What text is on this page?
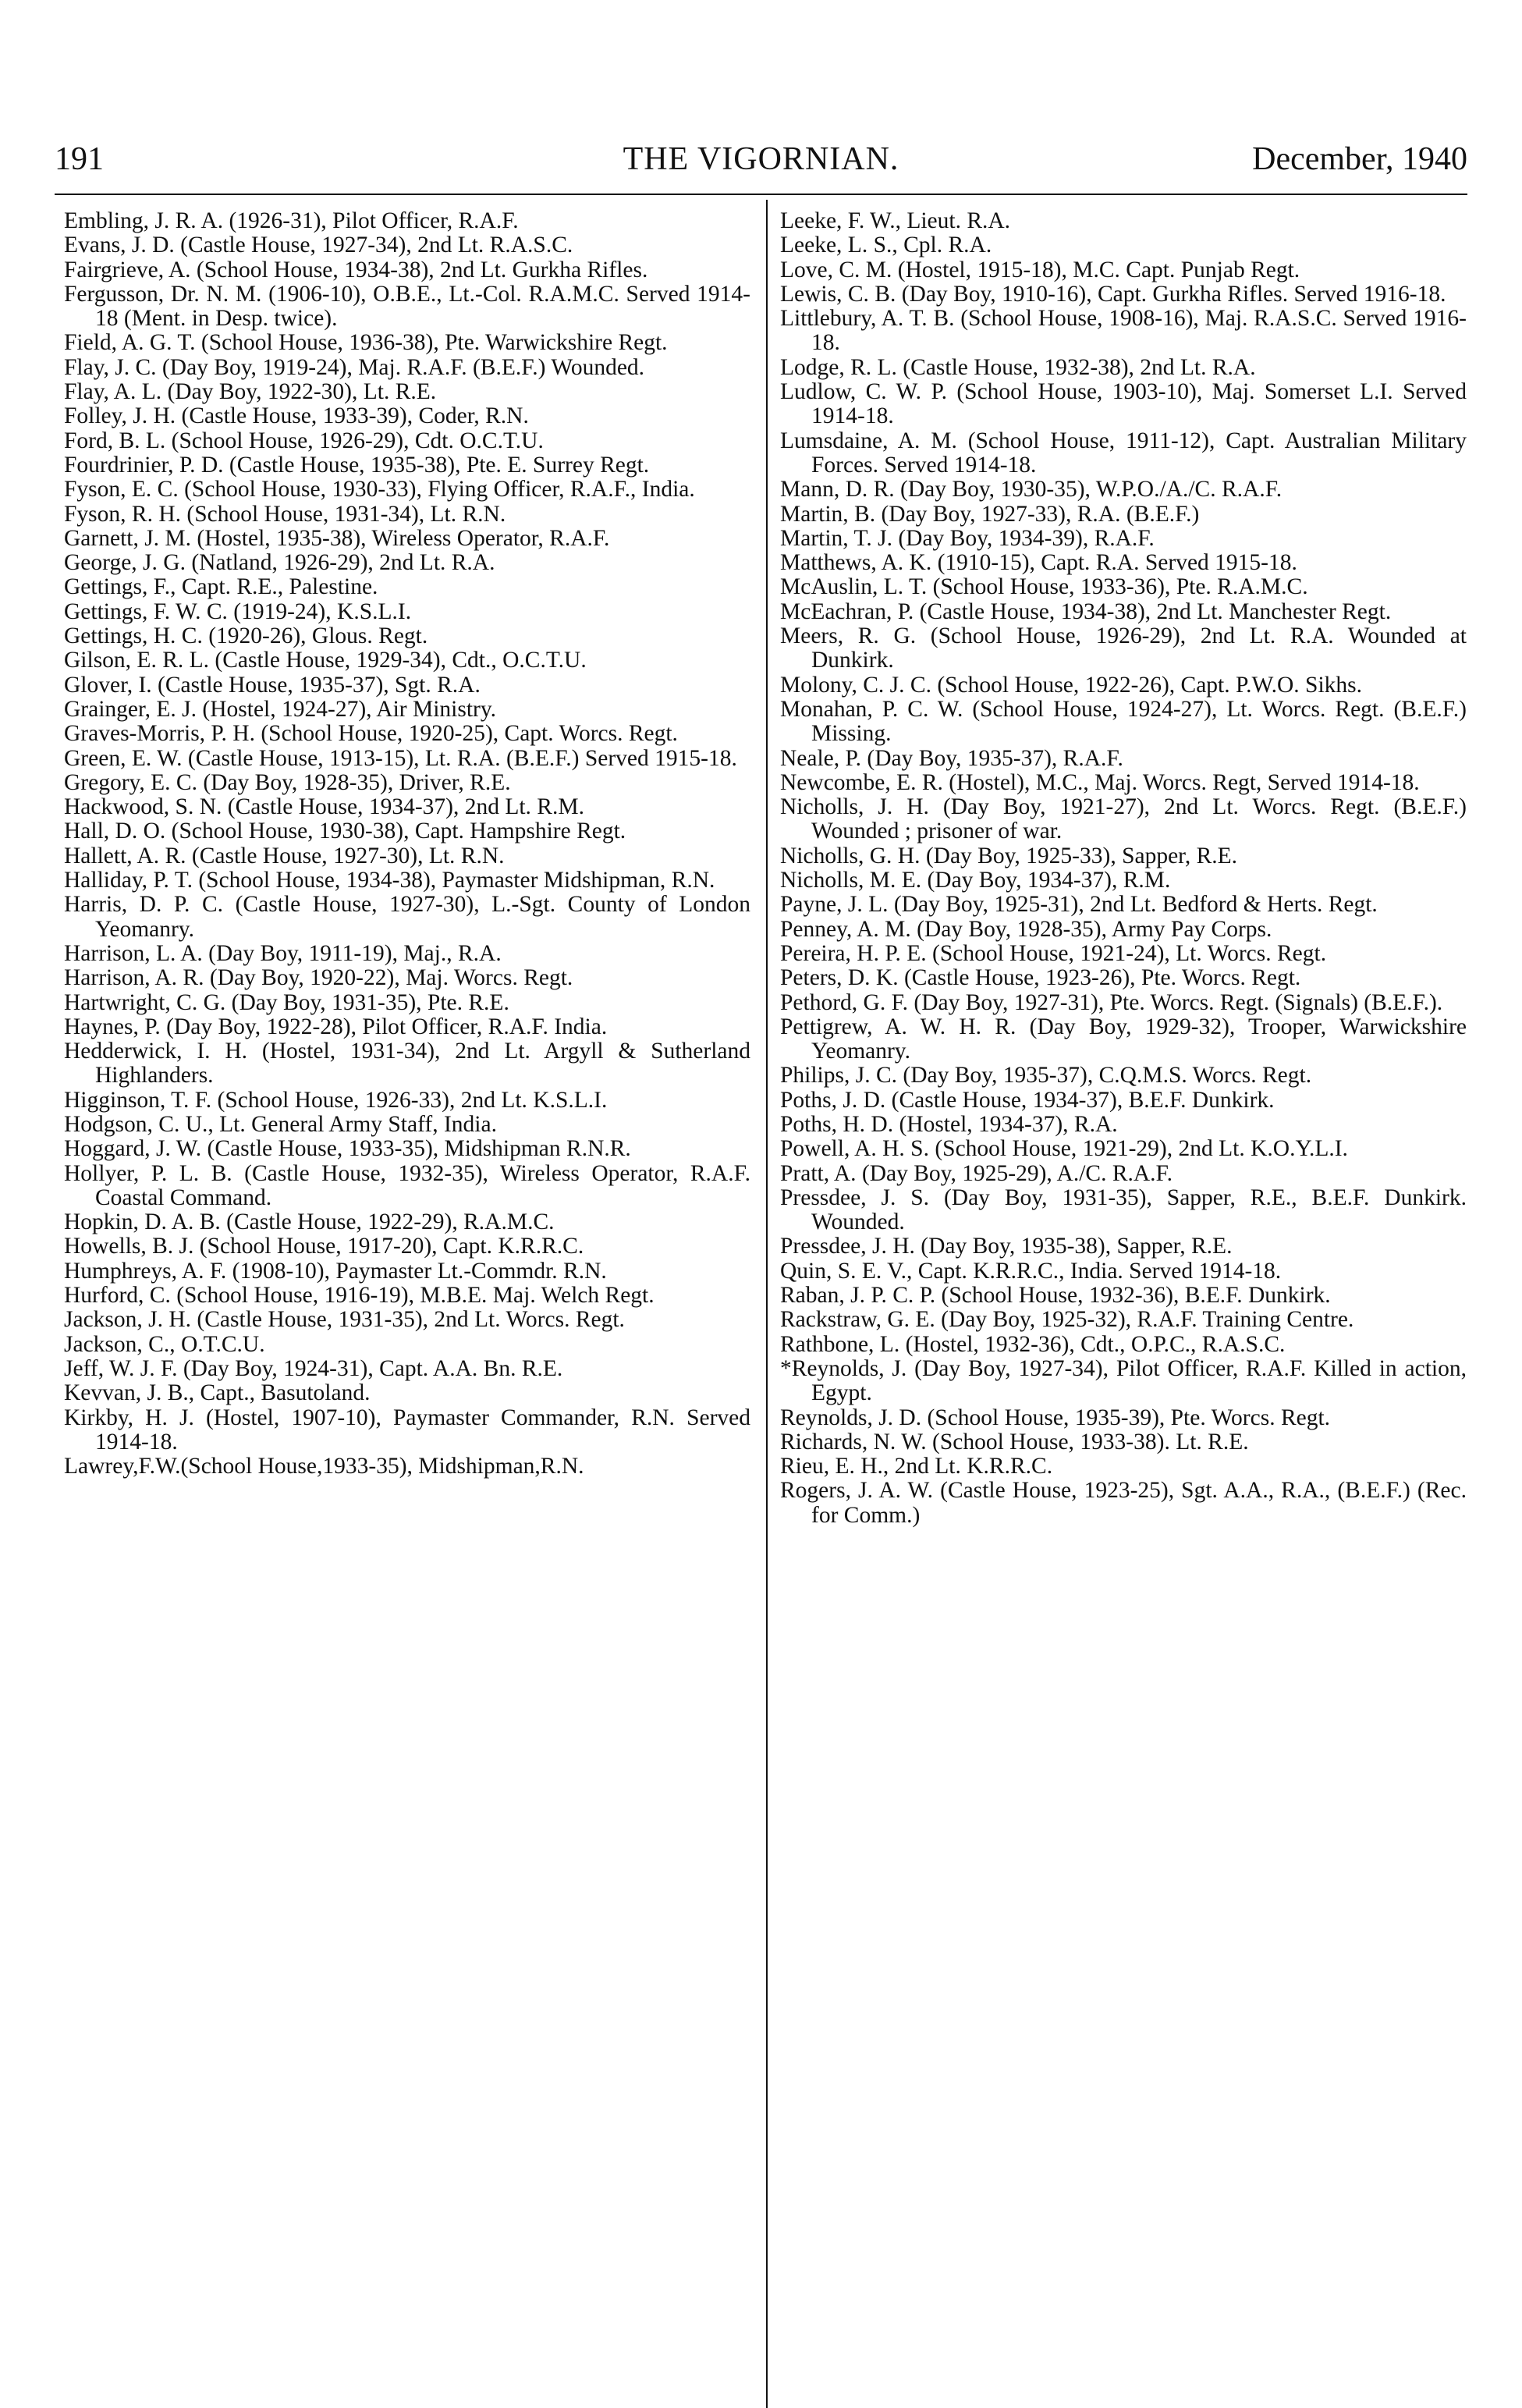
191	THE VIGORNIAN.	December, 1940

Embling, J. R. A. (1926-31), Pilot Officer, R.A.F.

Evans, J. D. (Castle House, 1927-34), 2nd Lt. R.A.S.C.

Fairgrieve, A. (School House, 1934-38), 2nd Lt. Gurkha Rifles.

Fergusson, Dr. N. M. (1906-10), O.B.E., Lt.-Col. R.A.M.C. Served 1914-18 (Ment. in Desp. twice).

Field, A. G. T. (School House, 1936-38), Pte. Warwickshire Regt.

Flay, J. C. (Day Boy, 1919-24), Maj. R.A.F. (B.E.F.) Wounded.

Flay, A. L. (Day Boy, 1922-30), Lt. R.E.

Folley, J. H. (Castle House, 1933-39), Coder, R.N.

Ford, B. L. (School House, 1926-29), Cdt. O.C.T.U.

Fourdrinier, P. D. (Castle House, 1935-38), Pte. E. Surrey Regt.

Fyson, E. C. (School House, 1930-33), Flying Officer, R.A.F., India.

Fyson, R. H. (School House, 1931-34), Lt. R.N.

Garnett, J. M. (Hostel, 1935-38), Wireless Operator, R.A.F.

George, J. G. (Natland, 1926-29), 2nd Lt. R.A.

Gettings, F., Capt. R.E., Palestine.

Gettings, F. W. C. (1919-24), K.S.L.I.

Gettings, H. C. (1920-26), Glous. Regt.

Gilson, E. R. L. (Castle House, 1929-34), Cdt., O.C.T.U.

Glover, I. (Castle House, 1935-37), Sgt. R.A.

Grainger, E. J. (Hostel, 1924-27), Air Ministry.

Graves-Morris, P. H. (School House, 1920-25), Capt. Worcs. Regt.

Green, E. W. (Castle House, 1913-15), Lt. R.A. (B.E.F.) Served 1915-18.

Gregory, E. C. (Day Boy, 1928-35), Driver, R.E.

Hackwood, S. N. (Castle House, 1934-37), 2nd Lt. R.M.

Hall, D. O. (School House, 1930-38), Capt. Hampshire Regt.

Hallett, A. R. (Castle House, 1927-30), Lt. R.N.

Halliday, P. T. (School House, 1934-38), Paymaster Midshipman, R.N.

Harris, D. P. C. (Castle House, 1927-30), L.-Sgt. County of London Yeomanry.

Harrison, L. A. (Day Boy, 1911-19), Maj., R.A.

Harrison, A. R. (Day Boy, 1920-22), Maj. Worcs. Regt.

Hartwright, C. G. (Day Boy, 1931-35), Pte. R.E.

Haynes, P. (Day Boy, 1922-28), Pilot Officer, R.A.F. India.

Hedderwick, I. H. (Hostel, 1931-34), 2nd Lt. Argyll & Sutherland Highlanders.

Higginson, T. F. (School House, 1926-33), 2nd Lt. K.S.L.I.

Hodgson, C. U., Lt. General Army Staff, India.

Hoggard, J. W. (Castle House, 1933-35), Midshipman R.N.R.

Hollyer, P. L. B. (Castle House, 1932-35), Wireless Operator, R.A.F. Coastal Command.

Hopkin, D. A. B. (Castle House, 1922-29), R.A.M.C.

Howells, B. J. (School House, 1917-20), Capt. K.R.R.C.

Humphreys, A. F. (1908-10), Paymaster Lt.-Commdr. R.N.

Hurford, C. (School House, 1916-19), M.B.E. Maj. Welch Regt.

Jackson, J. H. (Castle House, 1931-35), 2nd Lt. Worcs. Regt.

Jackson, C., O.T.C.U.

Jeff, W. J. F. (Day Boy, 1924-31), Capt. A.A. Bn. R.E.

Kevvan, J. B., Capt., Basutoland.

Kirkby, H. J. (Hostel, 1907-10), Paymaster Commander, R.N. Served 1914-18.

Lawrey,F.W.(School House,1933-35), Midshipman,R.N.

Leeke, F. W., Lieut. R.A.

Leeke, L. S., Cpl. R.A.

Love, C. M. (Hostel, 1915-18), M.C. Capt. Punjab Regt.

Lewis, C. B. (Day Boy, 1910-16), Capt. Gurkha Rifles. Served 1916-18.

Littlebury, A. T. B. (School House, 1908-16), Maj. R.A.S.C. Served 1916-18.

Lodge, R. L. (Castle House, 1932-38), 2nd Lt. R.A.

Ludlow, C. W. P. (School House, 1903-10), Maj. Somerset L.I. Served 1914-18.

Lumsdaine, A. M. (School House, 1911-12), Capt. Australian Military Forces. Served 1914-18.

Mann, D. R. (Day Boy, 1930-35), W.P.O./A./C. R.A.F.

Martin, B. (Day Boy, 1927-33), R.A. (B.E.F.)

Martin, T. J. (Day Boy, 1934-39), R.A.F.

Matthews, A. K. (1910-15), Capt. R.A. Served 1915-18.

McAuslin, L. T. (School House, 1933-36), Pte. R.A.M.C.

McEachran, P. (Castle House, 1934-38), 2nd Lt. Manchester Regt.

Meers, R. G. (School House, 1926-29), 2nd Lt. R.A. Wounded at Dunkirk.

Molony, C. J. C. (School House, 1922-26), Capt. P.W.O. Sikhs.

Monahan, P. C. W. (School House, 1924-27), Lt. Worcs. Regt. (B.E.F.) Missing.

Neale, P. (Day Boy, 1935-37), R.A.F.

Newcombe, E. R. (Hostel), M.C., Maj. Worcs. Regt, Served 1914-18.

Nicholls, J. H. (Day Boy, 1921-27), 2nd Lt. Worcs. Regt. (B.E.F.) Wounded ; prisoner of war.

Nicholls, G. H. (Day Boy, 1925-33), Sapper, R.E.

Nicholls, M. E. (Day Boy, 1934-37), R.M.

Payne, J. L. (Day Boy, 1925-31), 2nd Lt. Bedford & Herts. Regt.

Penney, A. M. (Day Boy, 1928-35), Army Pay Corps.

Pereira, H. P. E. (School House, 1921-24), Lt. Worcs. Regt.

Peters, D. K. (Castle House, 1923-26), Pte. Worcs. Regt.

Pethord, G. F. (Day Boy, 1927-31), Pte. Worcs. Regt. (Signals) (B.E.F.).

Pettigrew, A. W. H. R. (Day Boy, 1929-32), Trooper, Warwickshire Yeomanry.

Philips, J. C. (Day Boy, 1935-37), C.Q.M.S. Worcs. Regt.

Poths, J. D. (Castle House, 1934-37), B.E.F. Dunkirk.

Poths, H. D. (Hostel, 1934-37), R.A.

Powell, A. H. S. (School House, 1921-29), 2nd Lt. K.O.Y.L.I.

Pratt, A. (Day Boy, 1925-29), A./C. R.A.F.

Pressdee, J. S. (Day Boy, 1931-35), Sapper, R.E., B.E.F. Dunkirk. Wounded.

Pressdee, J. H. (Day Boy, 1935-38), Sapper, R.E.

Quin, S. E. V., Capt. K.R.R.C., India. Served 1914-18.

Raban, J. P. C. P. (School House, 1932-36), B.E.F. Dunkirk.

Rackstraw, G. E. (Day Boy, 1925-32), R.A.F. Training Centre.

Rathbone, L. (Hostel, 1932-36), Cdt., O.P.C., R.A.S.C.

*Reynolds, J. (Day Boy, 1927-34), Pilot Officer, R.A.F. Killed in action, Egypt.

Reynolds, J. D. (School House, 1935-39), Pte. Worcs. Regt.

Richards, N. W. (School House, 1933-38). Lt. R.E.

Rieu, E. H., 2nd Lt. K.R.R.C.

Rogers, J. A. W. (Castle House, 1923-25), Sgt. A.A., R.A., (B.E.F.) (Rec. for Comm.)
